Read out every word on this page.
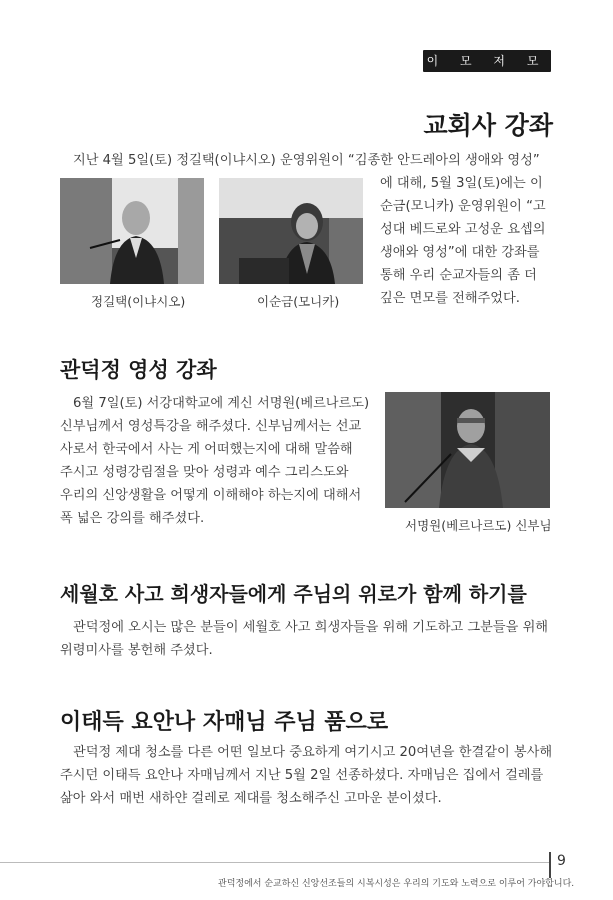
이 모 저 모
교회사 강좌
지난 4월 5일(토) 정길택(이냐시오) 운영위원이 “김종한 안드레아의 생애와 영성”
에 대해, 5월 3일(토)에는 이
순금(모니카) 운영위원이 “고
성대 베드로와 고성운 요셉의
생애와 영성”에 대한 강좌를
통해 우리 순교자들의 좀 더
깊은 면모를 전해주었다.
정길택(이냐시오)	이순금(모니카)
관덕정 영성 강좌
6월 7일(토) 서강대학교에 계신 서명원(베르나르도)
신부님께서 영성특강을 해주셨다. 신부님께서는 선교
사로서 한국에서 사는 게 어떠했는지에 대해 말씀해
주시고 성령강림절을 맞아 성령과 예수 그리스도와
우리의 신앙생활을 어떻게 이해해야 하는지에 대해서
폭 넓은 강의를 해주셨다.	서명원(베르나르도) 신부님
세월호 사고 희생자들에게 주님의 위로가 함께 하기를
관덕정에 오시는 많은 분들이 세월호 사고 희생자들을 위해 기도하고 그분들을 위해
위령미사를 봉헌해 주셨다.
이태득 요안나 자매님 주님 품으로
관덕정 제대 청소를 다른 어떤 일보다 중요하게 여기시고 20여년을 한결같이 봉사해
주시던 이태득 요안나 자매님께서 지난 5월 2일 선종하셨다. 자매님은 집에서 걸레를
삶아 와서 매번 새하얀 걸레로 제대를 청소해주신 고마운 분이셨다.
관덕정에서 순교하신 신앙선조들의 시복시성은 우리의 기도와 노력으로 이루어 가야합니다.
9
